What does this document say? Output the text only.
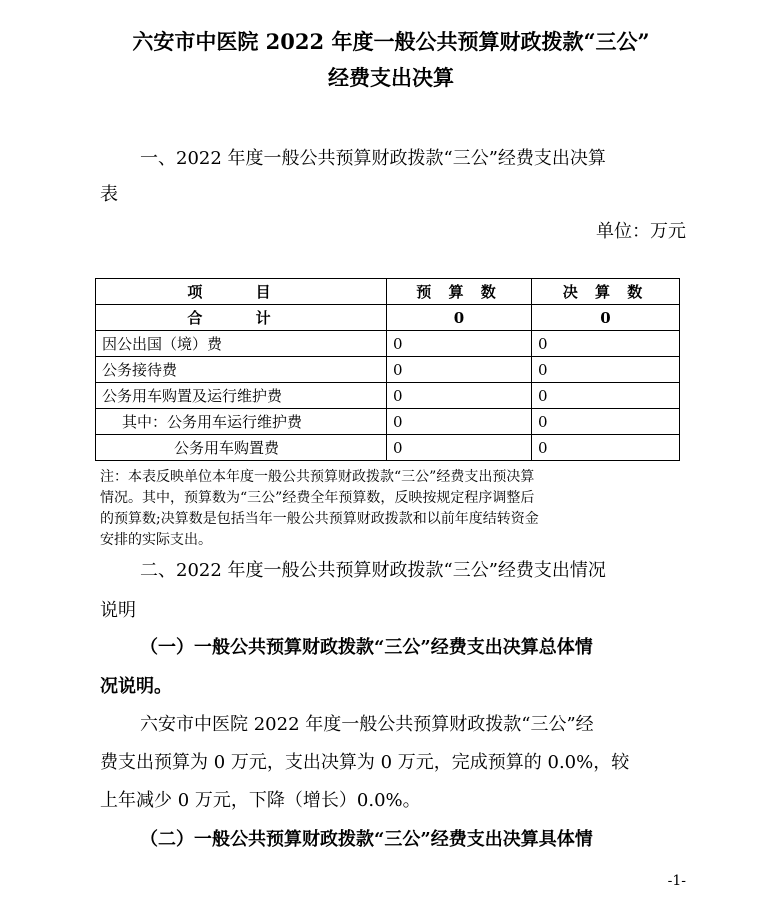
六安市中医院 2022 年度一般公共预算财政拨款“三公”
经费支出决算
一、2022 年度一般公共预算财政拨款“三公”经费支出决算
表
单位：万元
项 目	预 算 数	决 算 数
合 计	0	0
因公出国（境）费	0	0
公务接待费	0	0
公务用车购置及运行维护费	0	0
其中：公务用车运行维护费	0	0
公务用车购置费	0	0
注：本表反映单位本年度一般公共预算财政拨款“三公”经费支出预决算
情况。其中，预算数为“三公”经费全年预算数，反映按规定程序调整后
的预算数;决算数是包括当年一般公共预算财政拨款和以前年度结转资金
安排的实际支出。
二、2022 年度一般公共预算财政拨款“三公”经费支出情况
说明
（一）一般公共预算财政拨款“三公”经费支出决算总体情
况说明。
六安市中医院 2022 年度一般公共预算财政拨款“三公”经
费支出预算为 0 万元，支出决算为 0 万元，完成预算的 0.0%，较
上年减少 0 万元，下降（增长）0.0%。
（二）一般公共预算财政拨款“三公”经费支出决算具体情
-1-
